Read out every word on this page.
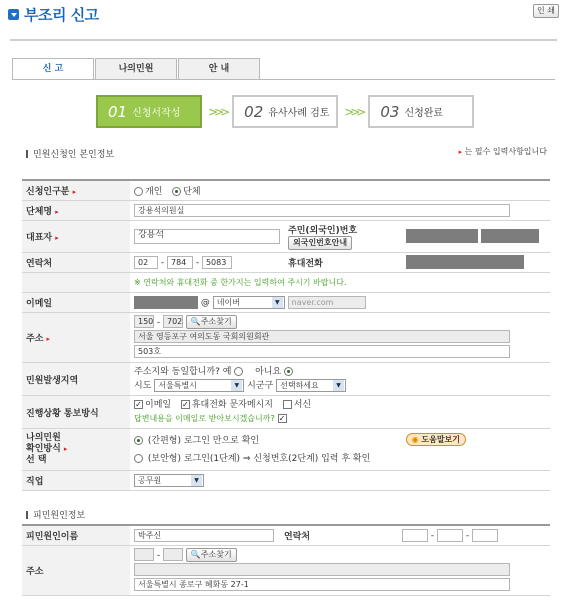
부조리 신고	인 쇄
신 고	나의민원	안 내
01 신청서작성 >>> 02 유사사례 검토 >>> 03 신청완료
민원신청인 본인정보	▸ 는 필수 입력사항입니다
신청인구분 ▸	개인 단체		
단체명 ▸	강용석의원실		
대표자 ▸	강용석	주민(외국인)번호
외국인번호안내	
연락처	02 - 784 - 5083	휴대전화	
	※ 연락처와 휴대전화 중 한가지는 입력하여 주시기 바랍니다.		
이메일	@ 네이버 ▼ naver.com
주소 ▸	150 - 702 🔍주소찾기
서울 영등포구 여의도동 국회의원회관
503호		
민원발생지역	주소지와 동일합니까? 예 아니요
시도 서울특별시 ▼ 시군구 선택하세요 ▼
진행상황 통보방식	✓ 이메일 ✓ 휴대전화 문자메시지 서신
답변내용을 이메일로 받아보시겠습니까? ✓		
나의민원
확인방식 ▸
선 택	(간편형) 로그인 만으로 확인 ◉ 도움말보기

(보안형) 로그인(1단계) ⇒ 신청번호(2단계) 입력 후 확인		
직업	공무원 ▼
피민원인정보
피민원인이름	박주신	연락처	- -
주소	- 🔍주소찾기

서울특별시 종로구 혜화동 27-1		
